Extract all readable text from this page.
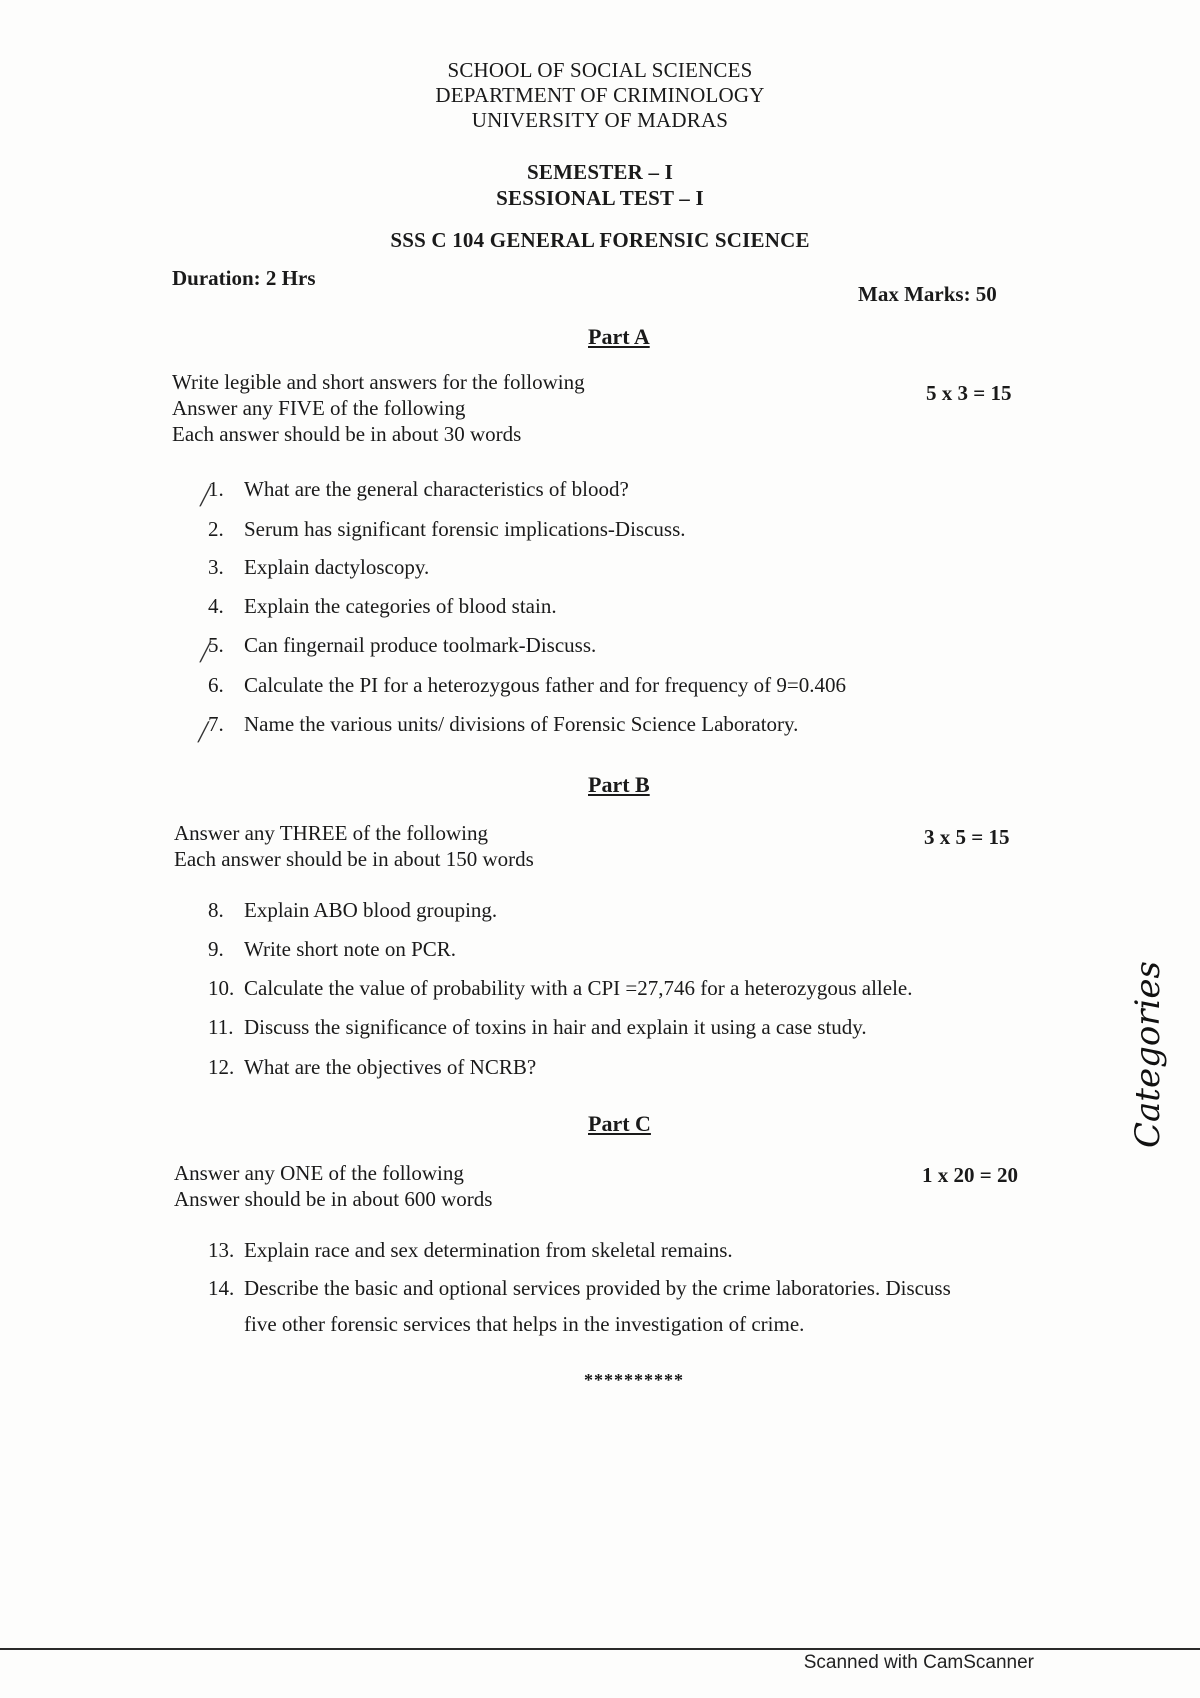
SCHOOL OF SOCIAL SCIENCES
DEPARTMENT OF CRIMINOLOGY
UNIVERSITY OF MADRAS
SEMESTER – I
SESSIONAL TEST – I
SSS C 104 GENERAL FORENSIC SCIENCE
Duration: 2 Hrs
Max Marks: 50
Part A
Write legible and short answers for the following
Answer any FIVE of the following
Each answer should be in about 30 words
5 x 3 = 15
1. What are the general characteristics of blood?
2. Serum has significant forensic implications-Discuss.
3. Explain dactyloscopy.
4. Explain the categories of blood stain.
5. Can fingernail produce toolmark-Discuss.
6. Calculate the PI for a heterozygous father and for frequency of 9=0.406
7. Name the various units/ divisions of Forensic Science Laboratory.
╱
╱
╱
Part B
Answer any THREE of the following
Each answer should be in about 150 words
3 x 5 = 15
8. Explain ABO blood grouping.
9. Write short note on PCR.
10. Calculate the value of probability with a CPI =27,746 for a heterozygous allele.
11. Discuss the significance of toxins in hair and explain it using a case study.
12. What are the objectives of NCRB?
Part C
Answer any ONE of the following
Answer should be in about 600 words
1 x 20 = 20
13. Explain race and sex determination from skeletal remains.
14. Describe the basic and optional services provided by the crime laboratories. Discuss
five other forensic services that helps in the investigation of crime.
**********
Categories
Scanned with CamScanner
